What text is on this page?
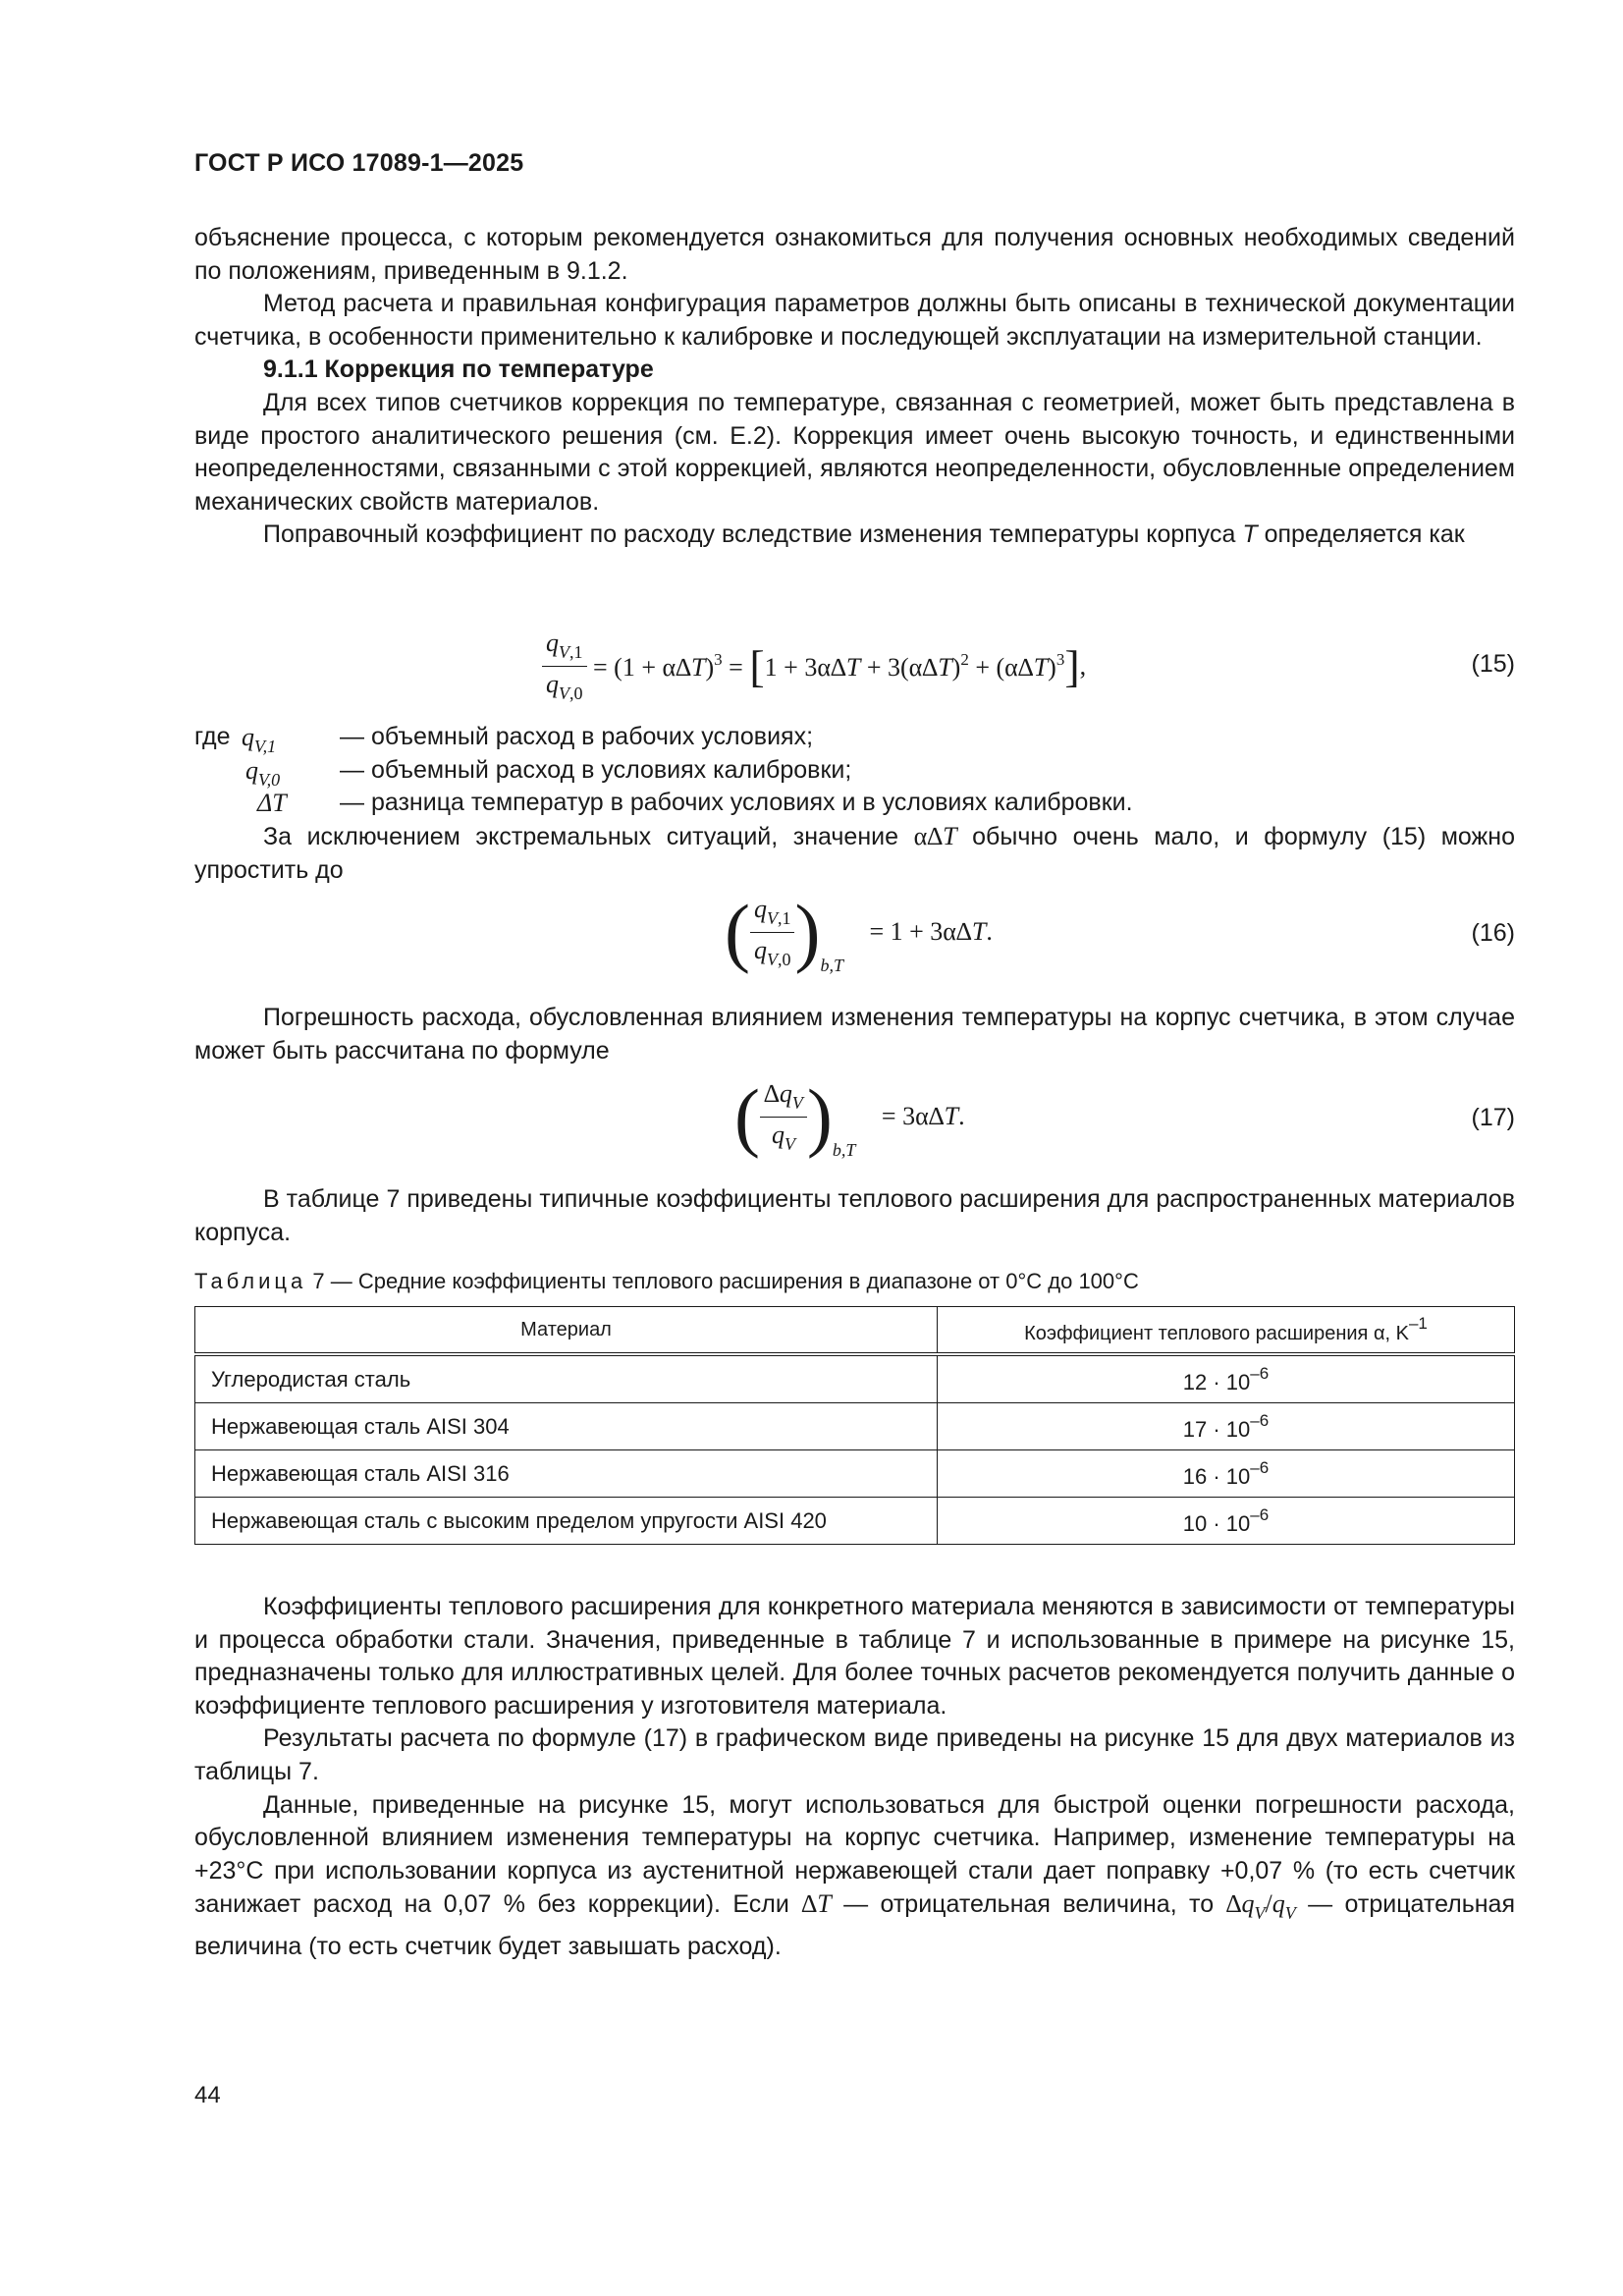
ГОСТ Р ИСО 17089-1—2025

объяснение процесса, с которым рекомендуется ознакомиться для получения основных необходимых сведений по положениям, приведенным в 9.1.2.

Метод расчета и правильная конфигурация параметров должны быть описаны в технической документации счетчика, в особенности применительно к калибровке и последующей эксплуатации на измерительной станции.

9.1.1 Коррекция по температуре

Для всех типов счетчиков коррекция по температуре, связанная с геометрией, может быть представлена в виде простого аналитического решения (см. Е.2). Коррекция имеет очень высокую точность, и единственными неопределенностями, связанными с этой коррекцией, являются неопределенности, обусловленные определением механических свойств материалов.

Поправочный коэффициент по расходу вследствие изменения температуры корпуса T определяется как

$\frac{q_{V,1}}{q_{V,0}} = (1 + \alpha\Delta T)^3 = [1 + 3\alpha\Delta T + 3(\alpha\Delta T)^2 + (\alpha\Delta T)^3]$,	(15)
где $q_{V,1}$	— объемный расход в рабочих условиях;
$q_{V,0}$ — объемный расход в условиях калибровки;
ΔT — разница температур в рабочих условиях и в условиях калибровки.

За исключением экстремальных ситуаций, значение α∆T обычно очень мало, и формулу (15) можно упростить до

( $\frac{q_{V,1}}{q_{V,0}} )_{b,T} = 1 + 3\alpha\Delta T$.	(16)

Погрешность расхода, обусловленная влиянием изменения температуры на корпус счетчика, в этом случае может быть рассчитана по формуле

( $\frac{\Delta q_V}{q_V} )_{b,T} = 3\alpha\Delta T$.	(17)

В таблице 7 приведены типичные коэффициенты теплового расширения для распространенных материалов корпуса.

Таблица 7 — Средние коэффициенты теплового расширения в диапазоне от 0°С до 100°С
Материал	Коэффициент теплового расширения α, $K^{-1}$
Углеродистая сталь	$12 \cdot 10^{-6}$
Нержавеющая сталь AISI 304	$17 \cdot 10^{-6}$
Нержавеющая сталь AISI 316	$16 \cdot 10^{-6}$
Нержавеющая сталь с высоким пределом упругости AISI 420	$10 \cdot 10^{-6}$

Коэффициенты теплового расширения для конкретного материала меняются в зависимости от температуры и процесса обработки стали. Значения, приведенные в таблице 7 и использованные в примере на рисунке 15, предназначены только для иллюстративных целей. Для более точных расчетов рекомендуется получить данные о коэффициенте теплового расширения у изготовителя материала.

Результаты расчета по формуле (17) в графическом виде приведены на рисунке 15 для двух материалов из таблицы 7.

Данные, приведенные на рисунке 15, могут использоваться для быстрой оценки погрешности расхода, обусловленной влиянием изменения температуры на корпус счетчика. Например, изменение температуры на +23°С при использовании корпуса из аустенитной нержавеющей стали дает поправку +0,07 % (то есть счетчик занижает расход на 0,07 % без коррекции). Если ∆T — отрицательная величина, то $\Delta q_V/q_V$ — отрицательная величина (то есть счетчик будет завышать расход).

44
